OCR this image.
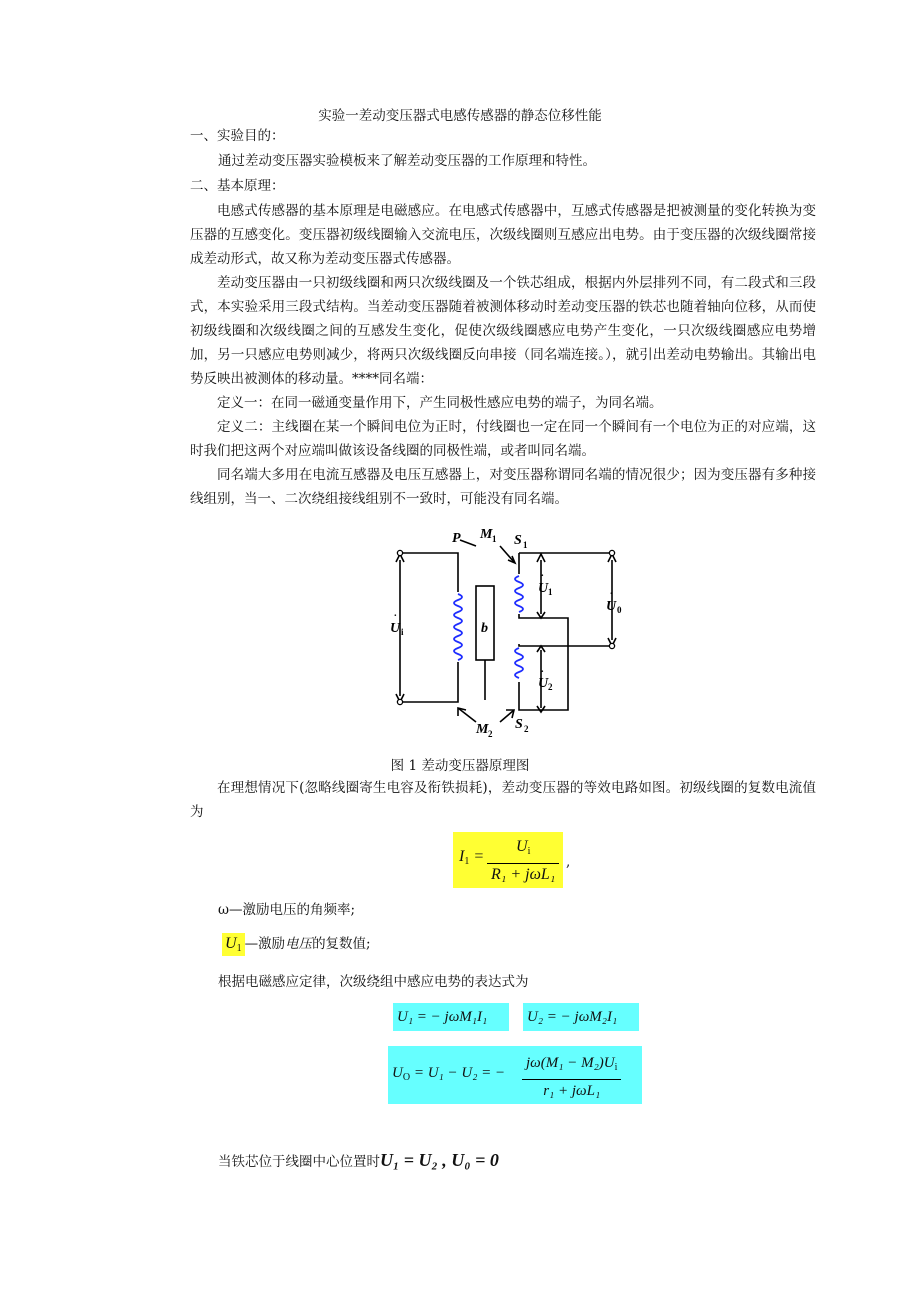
实验一差动变压器式电感传感器的静态位移性能
一、实验目的：
通过差动变压器实验模板来了解差动变压器的工作原理和特性。
二、基本原理：
电感式传感器的基本原理是电磁感应。在电感式传感器中，互感式传感器是把被测量的变化转换为变压器的互感变化。变压器初级线圈输入交流电压，次级线圈则互感应出电势。由于变压器的次级线圈常接成差动形式，故又称为差动变压器式传感器。
差动变压器由一只初级线圈和两只次级线圈及一个铁芯组成，根据内外层排列不同，有二段式和三段式，本实验采用三段式结构。当差动变压器随着被测体移动时差动变压器的铁芯也随着轴向位移，从而使初级线圈和次级线圈之间的互感发生变化，促使次级线圈感应电势产生变化，一只次级线圈感应电势增加，另一只感应电势则减少，将两只次级线圈反向串接（同名端连接。），就引出差动电势输出。其输出电势反映出被测体的移动量。****同名端：
定义一：在同一磁通变量作用下，产生同极性感应电势的端子，为同名端。
定义二：主线圈在某一个瞬间电位为正时，付线圈也一定在同一个瞬间有一个电位为正的对应端，这时我们把这两个对应端叫做该设备线圈的同极性端，或者叫同名端。
同名端大多用在电流互感器及电压互感器上，对变压器称谓同名端的情况很少；因为变压器有多种接线组别，当一、二次绕组接线组别不一致时，可能没有同名端。
P M 1 S 1
U 1
U 0
U i	b
U 2
M 2
S 2
·
·
·
·
图 1 差动变压器原理图
在理想情况下(忽略线圈寄生电容及衔铁损耗)，差动变压器的等效电路如图。初级线圈的复数电流值为
$I_1$ =
$U_i$
R₁ + jωL₁
,
ω—激励电压的角频率;
$U_1$ —激励电压的复数值;
根据电磁感应定律，次级绕组中感应电势的表达式为
U₁ = − jωM₁I₁	U₂ = − jωM₂I₁
$U_O = U_1 - U_2$ = −
$j\omega(M_1 - M_2)U_i$
r₁ + jωL₁
当铁芯位于线圈中心位置时U₁ = U₂ , U₀ = 0
